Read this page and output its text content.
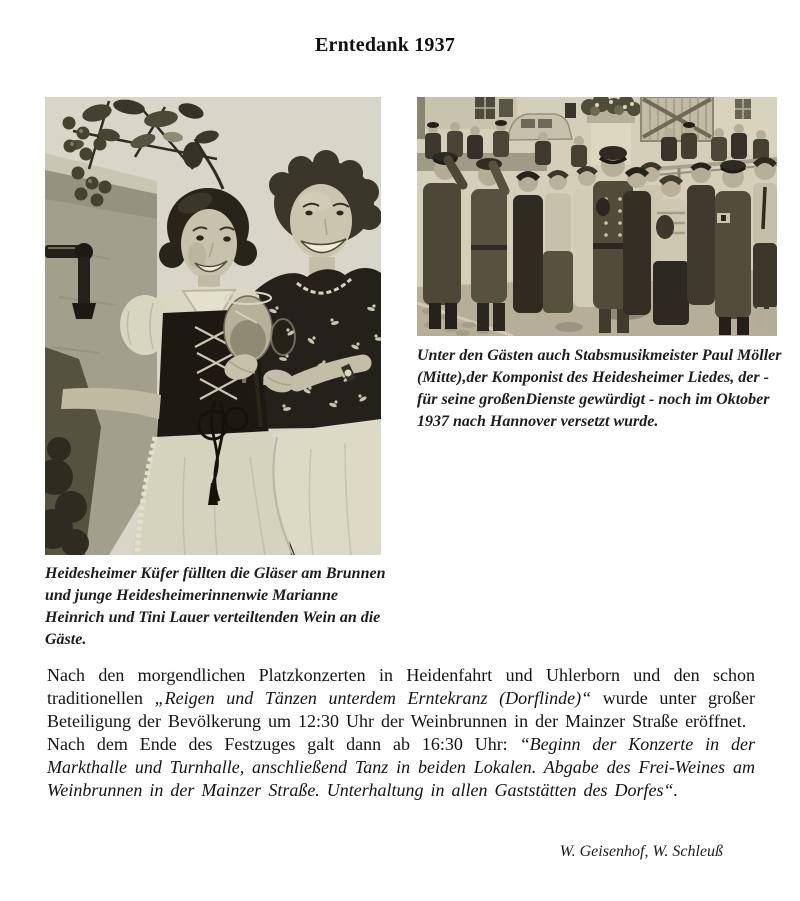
Erntedank 1937
Unter den Gästen auch Stabsmusikmeister Paul Möller (Mitte),der Komponist des Heidesheimer Liedes, der - für seine großenDienste gewürdigt - noch im Oktober 1937 nach Hannover versetzt wurde.
Heidesheimer Küfer füllten die Gläser am Brunnen und junge Heidesheimerinnenwie Marianne Heinrich und Tini Lauer verteiltenden Wein an die Gäste.

Nach den morgendlichen Platzkonzerten in Heidenfahrt und Uhlerborn und den schon traditionellen „Reigen und Tänzen unterdem Erntekranz (Dorflinde)“ wurde unter großer Beteiligung der Bevölkerung um 12:30 Uhr der Weinbrunnen in der Mainzer Straße eröffnet.

Nach dem Ende des Festzuges galt dann ab 16:30 Uhr: “Beginn der Konzerte in der Markthalle und Turnhalle, anschließend Tanz in beiden Lokalen. Abgabe des Frei-Weines am Weinbrunnen in der Mainzer Straße. Unterhaltung in allen Gaststätten des Dorfes“.

W. Geisenhof, W. Schleuß
